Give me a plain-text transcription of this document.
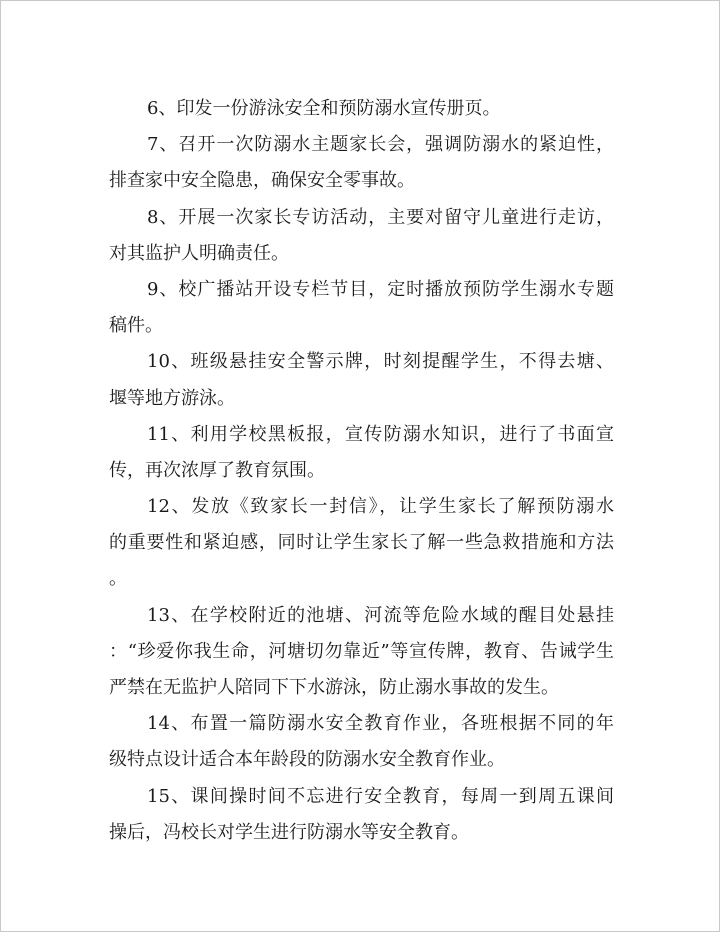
6、印发一份游泳安全和预防溺水宣传册页。
7、召开一次防溺水主题家长会，强调防溺水的紧迫性，
排查家中安全隐患，确保安全零事故。
8、开展一次家长专访活动，主要对留守儿童进行走访，
对其监护人明确责任。
9、校广播站开设专栏节目，定时播放预防学生溺水专题
稿件。
10、班级悬挂安全警示牌，时刻提醒学生，不得去塘、
堰等地方游泳。
11、利用学校黑板报，宣传防溺水知识，进行了书面宣
传，再次浓厚了教育氛围。
12、发放《致家长一封信》，让学生家长了解预防溺水
的重要性和紧迫感，同时让学生家长了解一些急救措施和方法
。
13、在学校附近的池塘、河流等危险水域的醒目处悬挂
：“珍爱你我生命，河塘切勿靠近”等宣传牌，教育、告诫学生
严禁在无监护人陪同下下水游泳，防止溺水事故的发生。
14、布置一篇防溺水安全教育作业，各班根据不同的年
级特点设计适合本年龄段的防溺水安全教育作业。
15、课间操时间不忘进行安全教育，每周一到周五课间
操后，冯校长对学生进行防溺水等安全教育。
